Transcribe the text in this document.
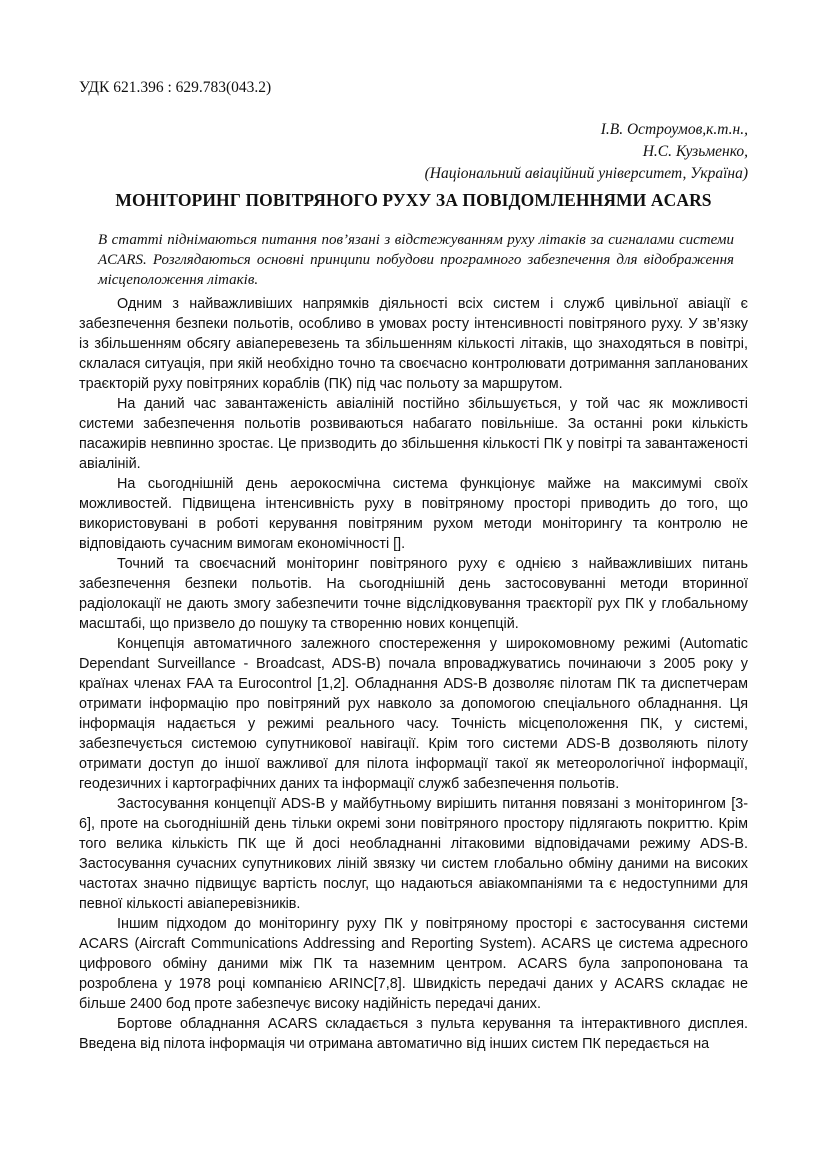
УДК 621.396 : 629.783(043.2)
І.В. Остроумов,к.т.н.,
Н.С. Кузьменко,
(Національний авіаційний університет, Україна)
МОНІТОРИНГ ПОВІТРЯНОГО РУХУ ЗА ПОВІДОМЛЕННЯМИ ACARS
В статті піднімаються питання пов’язані з відстежуванням руху літаків за сигналами системи ACARS. Розглядаються основні принципи побудови програмного забезпечення для відображення місцеположення літаків.

Одним з найважливіших напрямків діяльності всіх систем і служб цивільної авіації є забезпечення безпеки польотів, особливо в умовах росту інтенсивності повітряного руху. У зв’язку із збільшенням обсягу авіаперевезень та збільшенням кількості літаків, що знаходяться в повітрі, склалася ситуація, при якій необхідно точно та своєчасно контролювати дотримання запланованих траєкторій руху повітряних кораблів (ПК) під час польоту за маршрутом.

На даний час завантаженість авіаліній постійно збільшується, у той час як можливості системи забезпечення польотів розвиваються набагато повільніше. За останні роки кількість пасажирів невпинно зростає. Це призводить до збільшення кількості ПК у повітрі та завантаженості авіаліній.

На сьогоднішній день аерокосмічна система функціонує майже на максимумі своїх можливостей. Підвищена інтенсивність руху в повітряному просторі приводить до того, що використовувані в роботі керування повітряним рухом методи моніторингу та контролю не відповідають сучасним вимогам економічності [].

Точний та своєчасний моніторинг повітряного руху є однією з найважливіших питань забезпечення безпеки польотів. На сьогоднішній день застосовуванні методи вторинної радіолокації не дають змогу забезпечити точне відслідковування траєкторії рух ПК у глобальному масштабі, що призвело до пошуку та створенню нових концепцій.

Концепція автоматичного залежного спостереження у широкомовному режимі (Automatic Dependant Surveillance - Broadcast, ADS-B) почала впроваджуватись починаючи з 2005 року у країнах членах FAA та Eurocontrol [1,2]. Обладнання ADS-B дозволяє пілотам ПК та диспетчерам отримати інформацію про повітряний рух навколо за допомогою спеціального обладнання. Ця інформація надається у режимі реального часу. Точність місцеположення ПК, у системі, забезпечується системою супутникової навігації. Крім того системи ADS-B дозволяють пілоту отримати доступ до іншої важливої для пілота інформації такої як метеорологічної інформації, геодезичних і картографічних даних та інформації служб забезпечення польотів.

Застосування концепції ADS-B у майбутньому вирішить питання повязані з моніторингом [3-6], проте на сьогоднішній день тільки окремі зони повітряного простору підлягають покриттю. Крім того велика кількість ПК ще й досі необладнанні літаковими відповідачами режиму ADS-B. Застосування сучасних супутникових ліній звязку чи систем глобально обміну даними на високих частотах значно підвищує вартість послуг, що надаються авіакомпаніями та є недоступними для певної кількості авіаперевізників.

Іншим підходом до моніторингу руху ПК у повітряному просторі є застосування системи ACARS (Aircraft Communications Addressing and Reporting System). ACARS це система адресного цифрового обміну даними між ПК та наземним центром. ACARS була запропонована та розроблена у 1978 році компанією ARINC[7,8]. Швидкість передачі даних у ACARS складає не більше 2400 бод проте забезпечує високу надійність передачі даних.

Бортове обладнання ACARS складається з пульта керування та інтерактивного дисплея. Введена від пілота інформація чи отримана автоматично від інших систем ПК передається на
